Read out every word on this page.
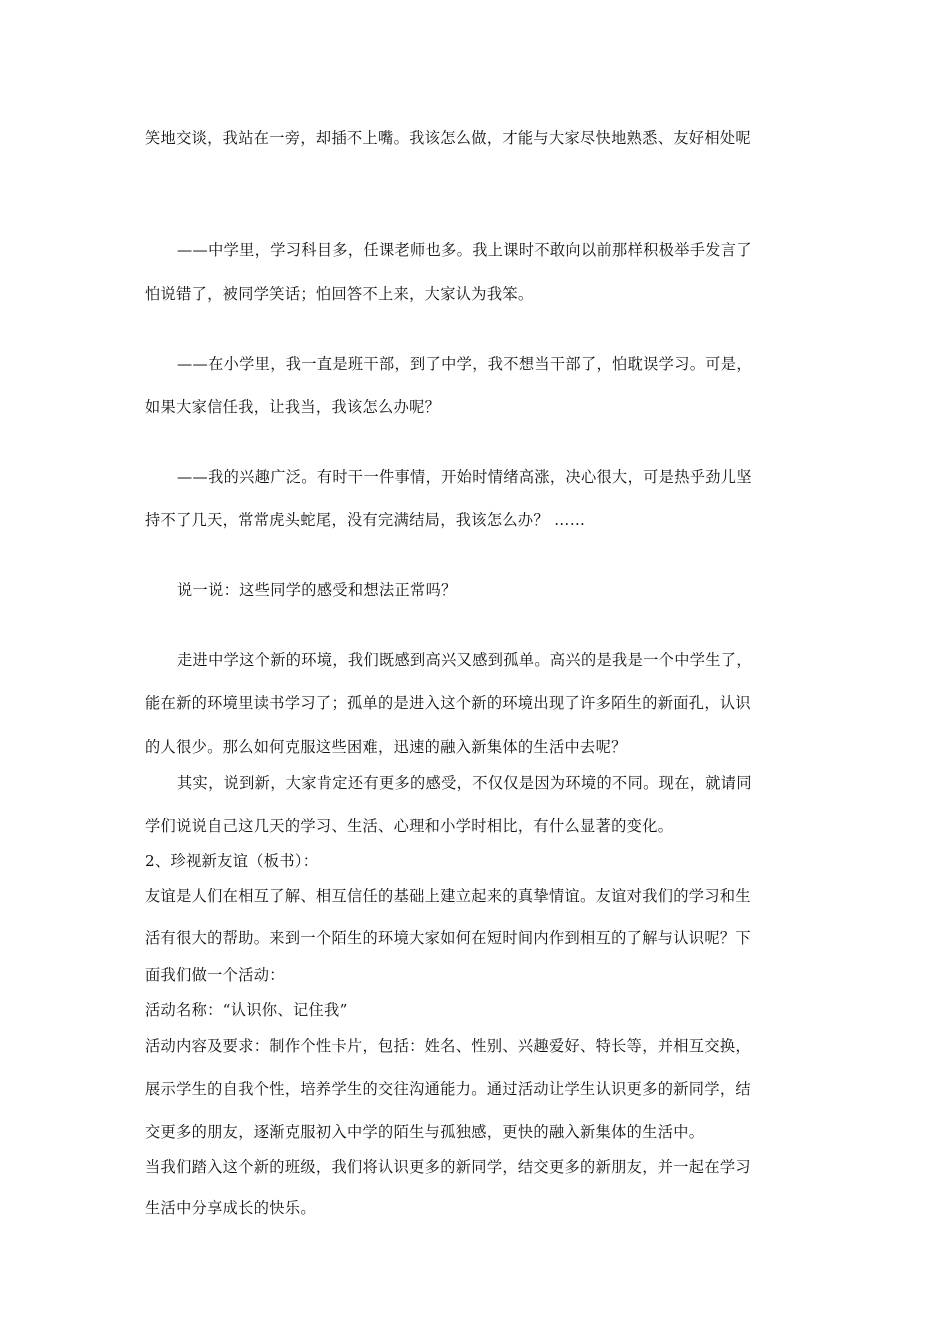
笑地交谈，我站在一旁，却插不上嘴。我该怎么做，才能与大家尽快地熟悉、友好相处呢
——中学里，学习科目多，任课老师也多。我上课时不敢向以前那样积极举手发言了
怕说错了，被同学笑话；怕回答不上来，大家认为我笨。
——在小学里，我一直是班干部，到了中学，我不想当干部了，怕耽误学习。可是，
如果大家信任我，让我当，我该怎么办呢？
——我的兴趣广泛。有时干一件事情，开始时情绪高涨，决心很大，可是热乎劲儿坚
持不了几天，常常虎头蛇尾，没有完满结局，我该怎么办？ ……
说一说：这些同学的感受和想法正常吗？
走进中学这个新的环境，我们既感到高兴又感到孤单。高兴的是我是一个中学生了，
能在新的环境里读书学习了；孤单的是进入这个新的环境出现了许多陌生的新面孔，认识
的人很少。那么如何克服这些困难，迅速的融入新集体的生活中去呢？
其实，说到新，大家肯定还有更多的感受，不仅仅是因为环境的不同。现在，就请同
学们说说自己这几天的学习、生活、心理和小学时相比，有什么显著的变化。
2、珍视新友谊（板书）：
友谊是人们在相互了解、相互信任的基础上建立起来的真挚情谊。友谊对我们的学习和生
活有很大的帮助。来到一个陌生的环境大家如何在短时间内作到相互的了解与认识呢？下
面我们做一个活动：
活动名称：“认识你、记住我”
活动内容及要求：制作个性卡片，包括：姓名、性别、兴趣爱好、特长等，并相互交换，
展示学生的自我个性，培养学生的交往沟通能力。通过活动让学生认识更多的新同学，结
交更多的朋友，逐渐克服初入中学的陌生与孤独感，更快的融入新集体的生活中。
当我们踏入这个新的班级，我们将认识更多的新同学，结交更多的新朋友，并一起在学习
生活中分享成长的快乐。
